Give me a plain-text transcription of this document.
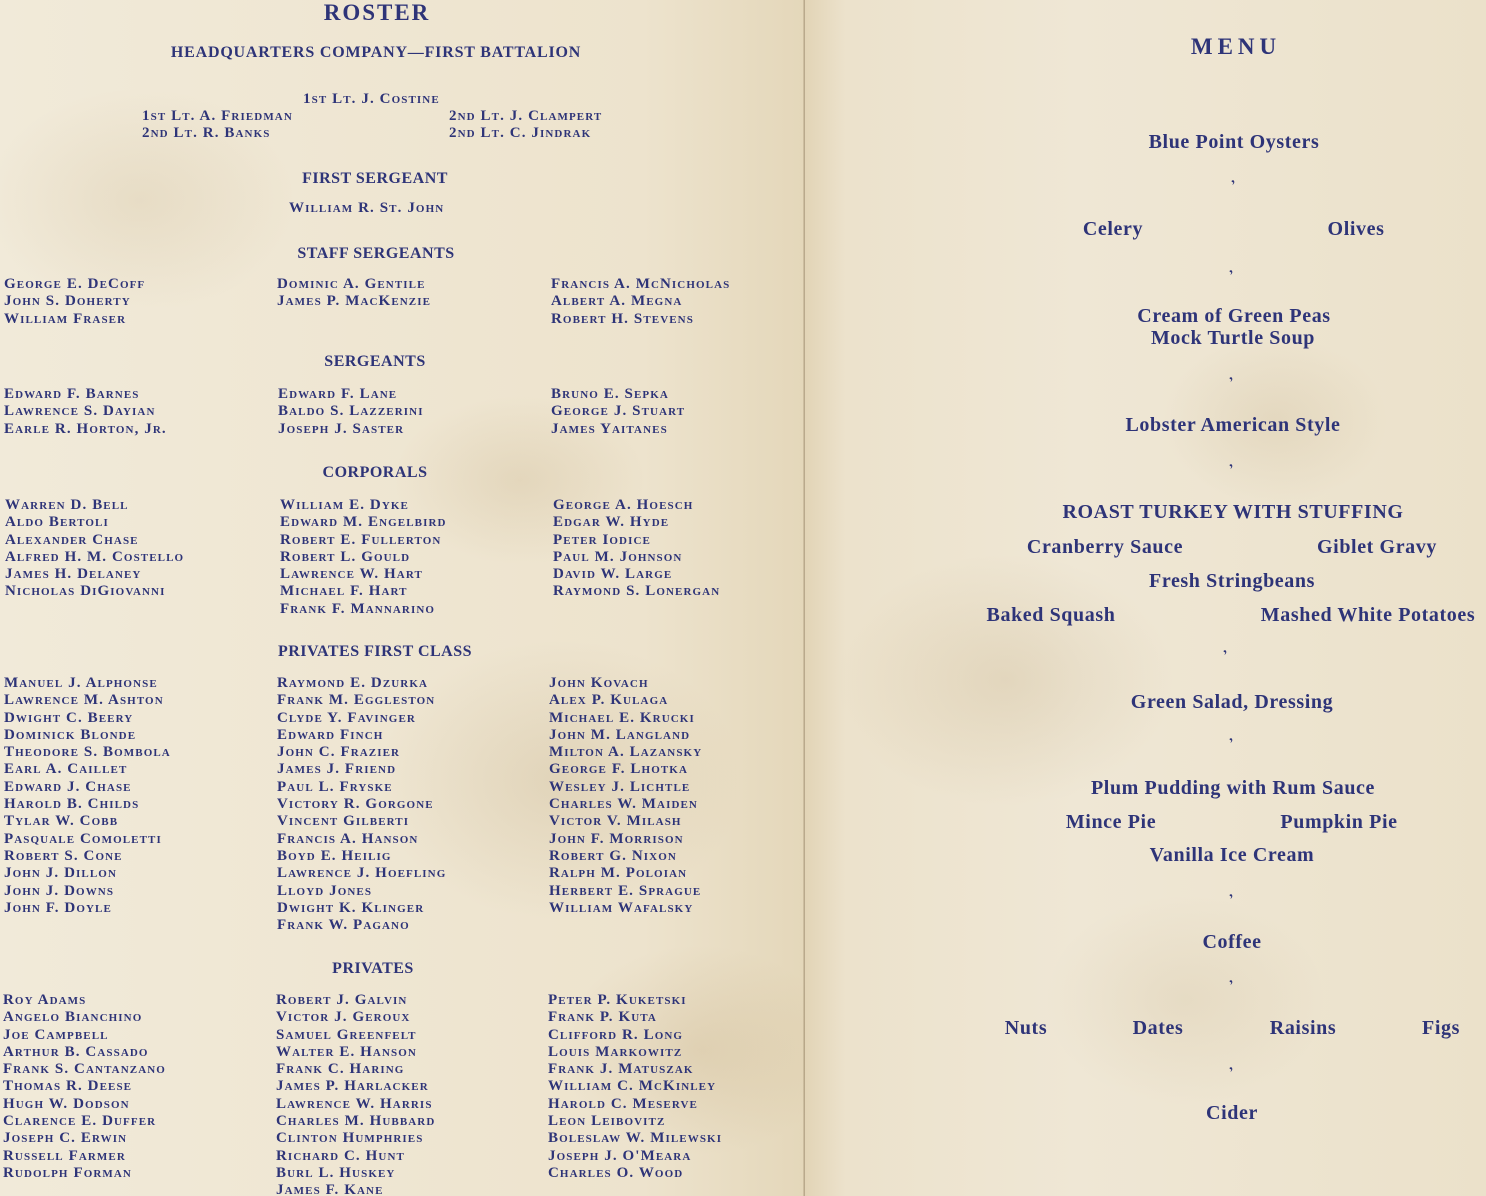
ROSTER
HEADQUARTERS COMPANY—FIRST BATTALION
1st Lt. J. Costine
1st Lt. A. Friedman
2nd Lt. R. Banks
2nd Lt. J. Clampert
2nd Lt. C. Jindrak
FIRST SERGEANT
William R. St. John
STAFF SERGEANTS
George E. DeCoff
John S. Doherty
William Fraser
Dominic A. Gentile
James P. MacKenzie
Francis A. McNicholas
Albert A. Megna
Robert H. Stevens
SERGEANTS
Edward F. Barnes
Lawrence S. Dayian
Earle R. Horton, Jr.
Edward F. Lane
Baldo S. Lazzerini
Joseph J. Saster
Bruno E. Sepka
George J. Stuart
James Yaitanes
CORPORALS
Warren D. Bell
Aldo Bertoli
Alexander Chase
Alfred H. M. Costello
James H. Delaney
Nicholas DiGiovanni
William E. Dyke
Edward M. Engelbird
Robert E. Fullerton
Robert L. Gould
Lawrence W. Hart
Michael F. Hart
Frank F. Mannarino
George A. Hoesch
Edgar W. Hyde
Peter Iodice
Paul M. Johnson
David W. Large
Raymond S. Lonergan
PRIVATES FIRST CLASS
Manuel J. Alphonse
Lawrence M. Ashton
Dwight C. Beery
Dominick Blonde
Theodore S. Bombola
Earl A. Caillet
Edward J. Chase
Harold B. Childs
Tylar W. Cobb
Pasquale Comoletti
Robert S. Cone
John J. Dillon
John J. Downs
John F. Doyle
Raymond E. Dzurka
Frank M. Eggleston
Clyde Y. Favinger
Edward Finch
John C. Frazier
James J. Friend
Paul L. Fryske
Victory R. Gorgone
Vincent Gilberti
Francis A. Hanson
Boyd E. Heilig
Lawrence J. Hoefling
Lloyd Jones
Dwight K. Klinger
Frank W. Pagano
John Kovach
Alex P. Kulaga
Michael E. Krucki
John M. Langland
Milton A. Lazansky
George F. Lhotka
Wesley J. Lichtle
Charles W. Maiden
Victor V. Milash
John F. Morrison
Robert G. Nixon
Ralph M. Poloian
Herbert E. Sprague
William Wafalsky
PRIVATES
Roy Adams
Angelo Bianchino
Joe Campbell
Arthur B. Cassado
Frank S. Cantanzano
Thomas R. Deese
Hugh W. Dodson
Clarence E. Duffer
Joseph C. Erwin
Russell Farmer
Rudolph Forman
Robert J. Galvin
Victor J. Geroux
Samuel Greenfelt
Walter E. Hanson
Frank C. Haring
James P. Harlacker
Lawrence W. Harris
Charles M. Hubbard
Clinton Humphries
Richard C. Hunt
Burl L. Huskey
James F. Kane
Peter P. Kuketski
Frank P. Kuta
Clifford R. Long
Louis Markowitz
Frank J. Matuszak
William C. McKinley
Harold C. Meserve
Leon Leibovitz
Boleslaw W. Milewski
Joseph J. O'Meara
Charles O. Wood
MENU
Blue Point Oysters
’
Celery	Olives
’
Cream of Green Peas
Mock Turtle Soup
’
Lobster American Style
’
ROAST TURKEY WITH STUFFING
Cranberry Sauce	Giblet Gravy
Fresh Stringbeans
Baked Squash	Mashed White Potatoes
’
Green Salad, Dressing
’
Plum Pudding with Rum Sauce
Mince Pie	Pumpkin Pie
Vanilla Ice Cream
’
Coffee
’
Nuts	Dates	Raisins	Figs
’
Cider
